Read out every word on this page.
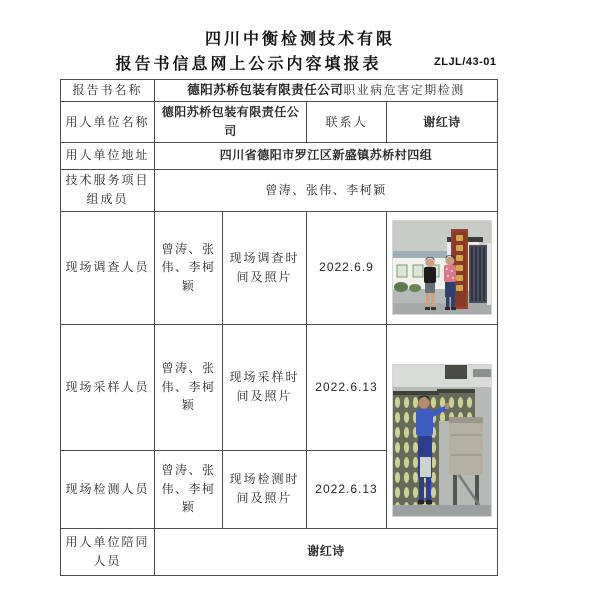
四川中衡检测技术有限
报告书信息网上公示内容填报表	ZLJL/43-01
报告书名称	德阳苏桥包装有限责任公司职业病危害定期检测			
用人单位名称	德阳苏桥包装有限责任公司		联系人	谢红诗
用人单位地址	四川省德阳市罗江区新盛镇苏桥村四组			
技术服务项目组成员	曾涛、张伟、李柯颖			
现场调查人员	曾涛、张伟、李柯颖	现场调查时间及照片	2022.6.9	

现场采样人员	曾涛、张伟、李柯颖	现场采样时间及照片	2022.6.13	

现场检测人员	曾涛、张伟、李柯颖	现场检测时间及照片	2022.6.13	
用人单位陪同人员	谢红诗			
